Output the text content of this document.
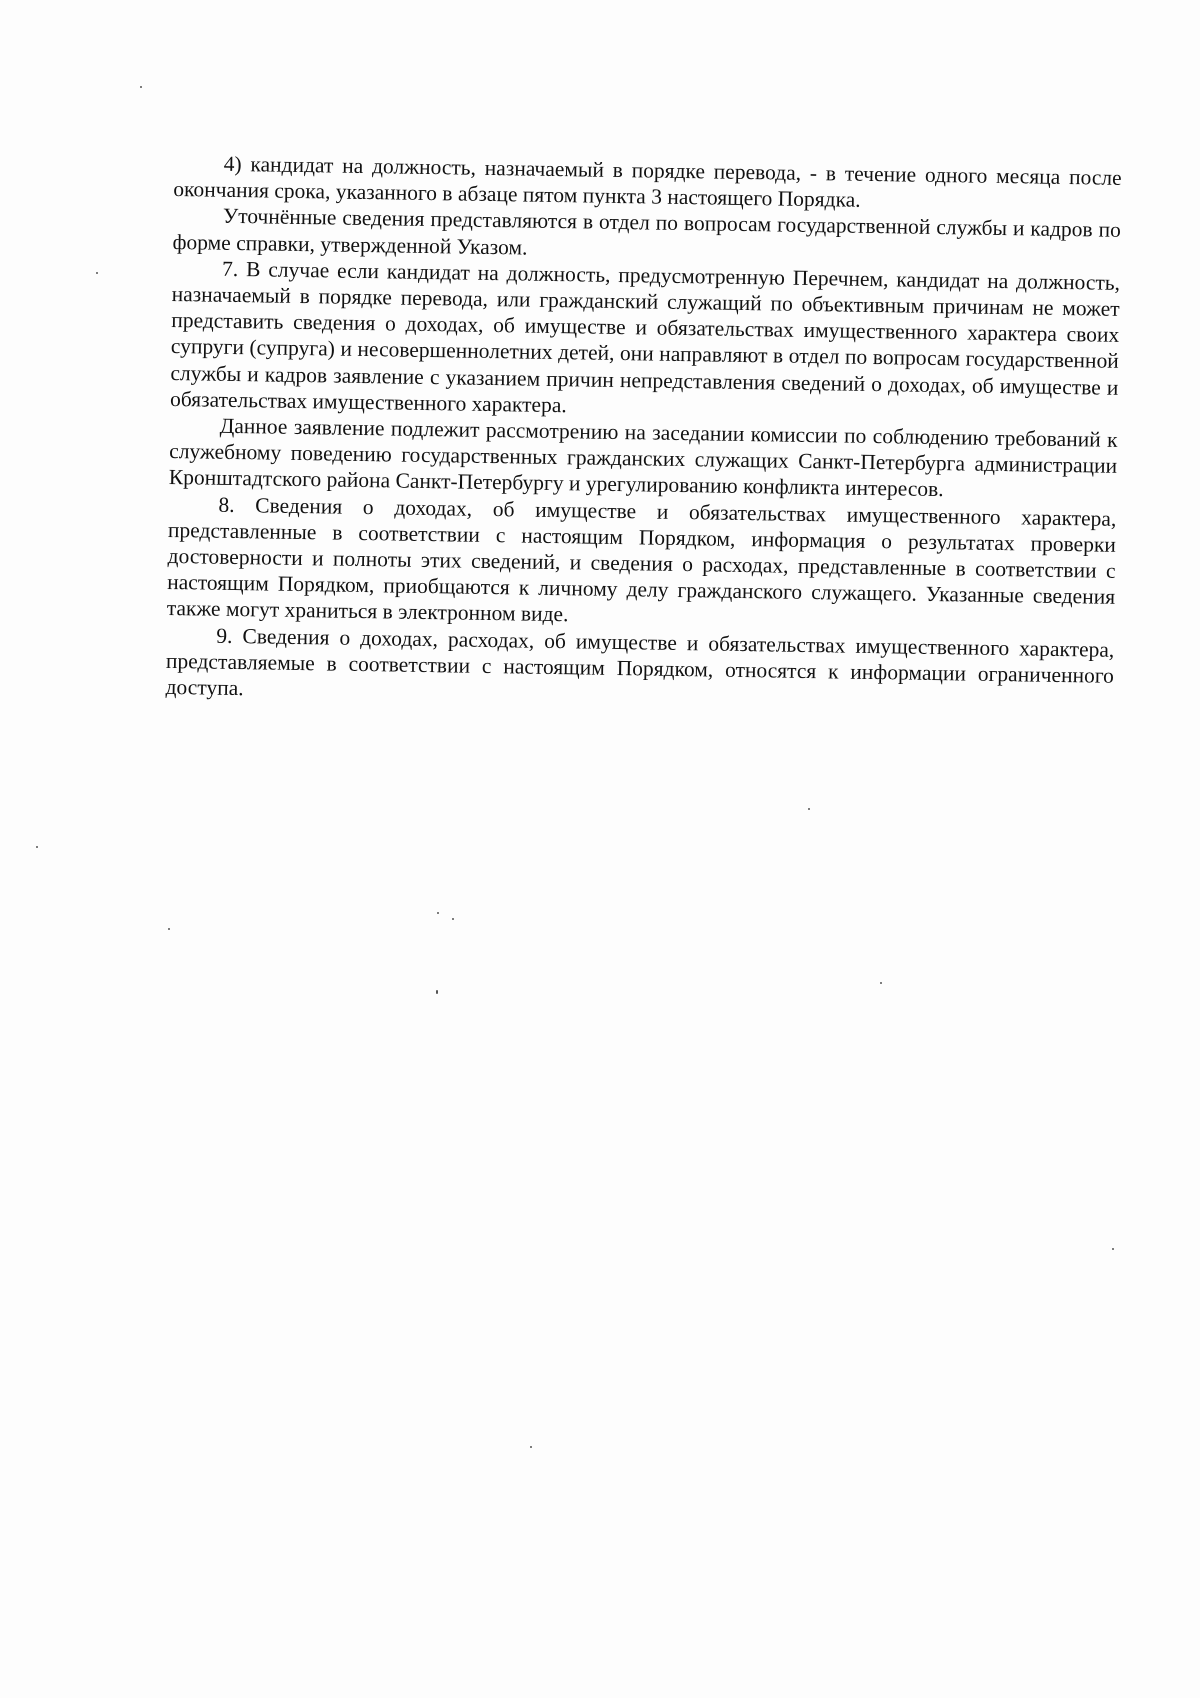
4) кандидат на должность, назначаемый в порядке перевода, - в течение одного месяца после окончания срока, указанного в абзаце пятом пункта 3 настоящего Порядка.

Уточнённые сведения представляются в отдел по вопросам государственной службы и кадров по форме справки, утвержденной Указом.

7. В случае если кандидат на должность, предусмотренную Перечнем, кандидат на должность, назначаемый в порядке перевода, или гражданский служащий по объективным причинам не может представить сведения о доходах, об имуществе и обязательствах имущественного характера своих супруги (супруга) и несовершеннолетних детей, они направляют в отдел по вопросам государственной службы и кадров заявление с указанием причин непредставления сведений о доходах, об имуществе и обязательствах имущественного характера.

Данное заявление подлежит рассмотрению на заседании комиссии по соблюдению требований к служебному поведению государственных гражданских служащих Санкт-Петербурга администрации Кронштадтского района Санкт-Петербургу и урегулированию конфликта интересов.

8. Сведения о доходах, об имуществе и обязательствах имущественного характера, представленные в соответствии с настоящим Порядком, информация о результатах проверки достоверности и полноты этих сведений, и сведения о расходах, представленные в соответствии с настоящим Порядком, приобщаются к личному делу гражданского служащего. Указанные сведения также могут храниться в электронном виде.

9. Сведения о доходах, расходах, об имуществе и обязательствах имущественного характера, представляемые в соответствии с настоящим Порядком, относятся к информации ограниченного доступа.
